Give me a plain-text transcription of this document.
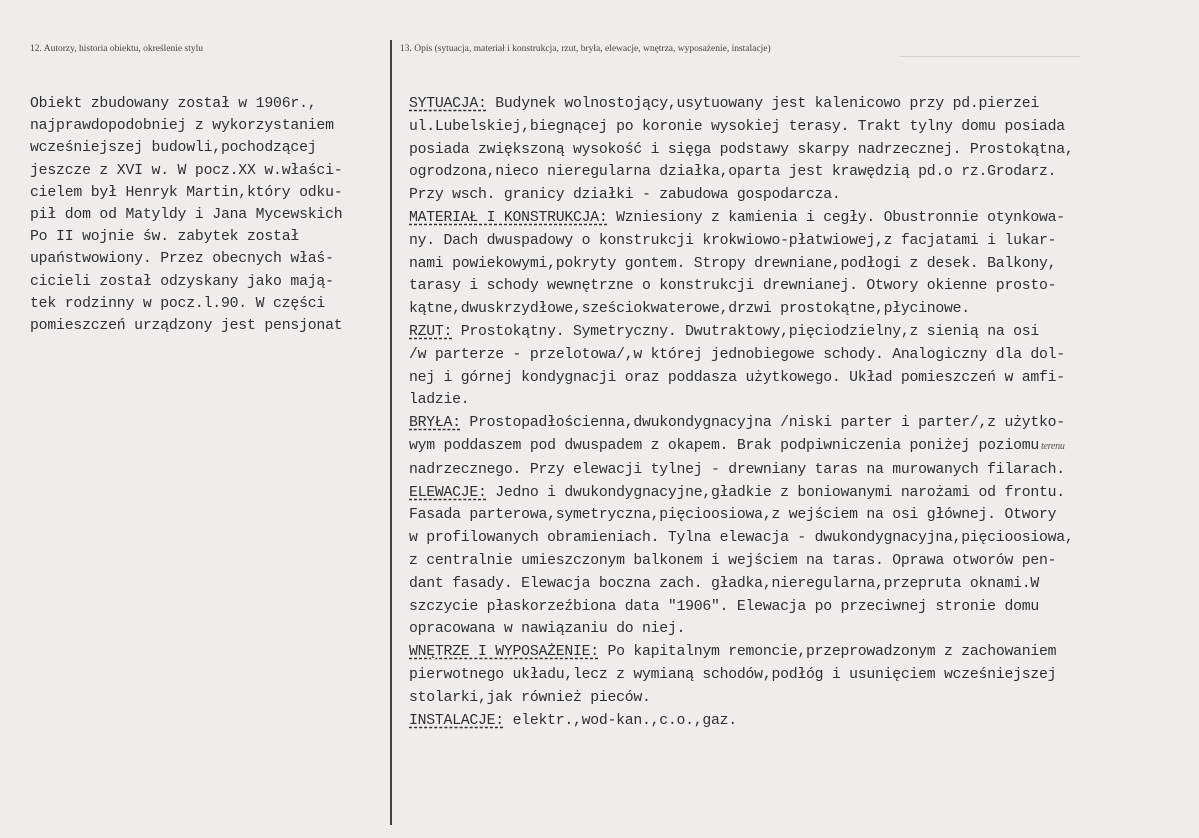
12. Autorzy, historia obiektu, określenie stylu	13. Opis (sytuacja, materiał i konstrukcja, rzut, bryła, elewacje, wnętrza, wyposażenie, instalacje)
Obiekt zbudowany został w 1906r.,
najprawdopodobniej z wykorzystaniem
wcześniejszej budowli,pochodzącej
jeszcze z XVI w. W pocz.XX w.właści-
cielem był Henryk Martin,który odku-
pił dom od Matyldy i Jana Mycewskich
Po II wojnie św. zabytek został
upaństwowiony. Przez obecnych właś-
cicieli został odzyskany jako mają-
tek rodzinny w pocz.l.90. W części
pomieszczeń urządzony jest pensjonat
SYTUACJA: Budynek wolnostojący,usytuowany jest kalenicowo przy pd.pierzei
ul.Lubelskiej,biegnącej po koronie wysokiej terasy. Trakt tylny domu posiada
posiada zwiększoną wysokość i sięga podstawy skarpy nadrzecznej. Prostokątna,
ogrodzona,nieco nieregularna działka,oparta jest krawędzią pd.o rz.Grodarz.
Przy wsch. granicy działki - zabudowa gospodarcza.
MATERIAŁ I KONSTRUKCJA: Wzniesiony z kamienia i cegły. Obustronnie otynkowa-
ny. Dach dwuspadowy o konstrukcji krokwiowo-płatwiowej,z facjatami i lukar-
nami powiekowymi,pokryty gontem. Stropy drewniane,podłogi z desek. Balkony,
tarasy i schody wewnętrzne o konstrukcji drewnianej. Otwory okienne prosto-
kątne,dwuskrzydłowe,sześciokwaterowe,drzwi prostokątne,płycinowe.
RZUT: Prostokątny. Symetryczny. Dwutraktowy,pięciodzielny,z sienią na osi
/w parterze - przelotowa/,w której jednobiegowe schody. Analogiczny dla dol-
nej i górnej kondygnacji oraz poddasza użytkowego. Układ pomieszczeń w amfi-
ladzie.
BRYŁA: Prostopadłościenna,dwukondygnacyjna /niski parter i parter/,z użytko-
wym poddaszem pod dwuspadem z okapem. Brak podpiwniczenia poniżej poziomu terenu
nadrzecznego. Przy elewacji tylnej - drewniany taras na murowanych filarach.
ELEWACJE: Jedno i dwukondygnacyjne,gładkie z boniowanymi narożami od frontu.
Fasada parterowa,symetryczna,pięcioosiowa,z wejściem na osi głównej. Otwory
w profilowanych obramieniach. Tylna elewacja - dwukondygnacyjna,pięcioosiowa,
z centralnie umieszczonym balkonem i wejściem na taras. Oprawa otworów pen-
dant fasady. Elewacja boczna zach. gładka,nieregularna,przepruta oknami.W
szczycie płaskorzeźbiona data "1906". Elewacja po przeciwnej stronie domu
opracowana w nawiązaniu do niej.
WNĘTRZE I WYPOSAŻENIE: Po kapitalnym remoncie,przeprowadzonym z zachowaniem
pierwotnego układu,lecz z wymianą schodów,podłóg i usunięciem wcześniejszej
stolarki,jak również pieców.
INSTALACJE: elektr.,wod-kan.,c.o.,gaz.
